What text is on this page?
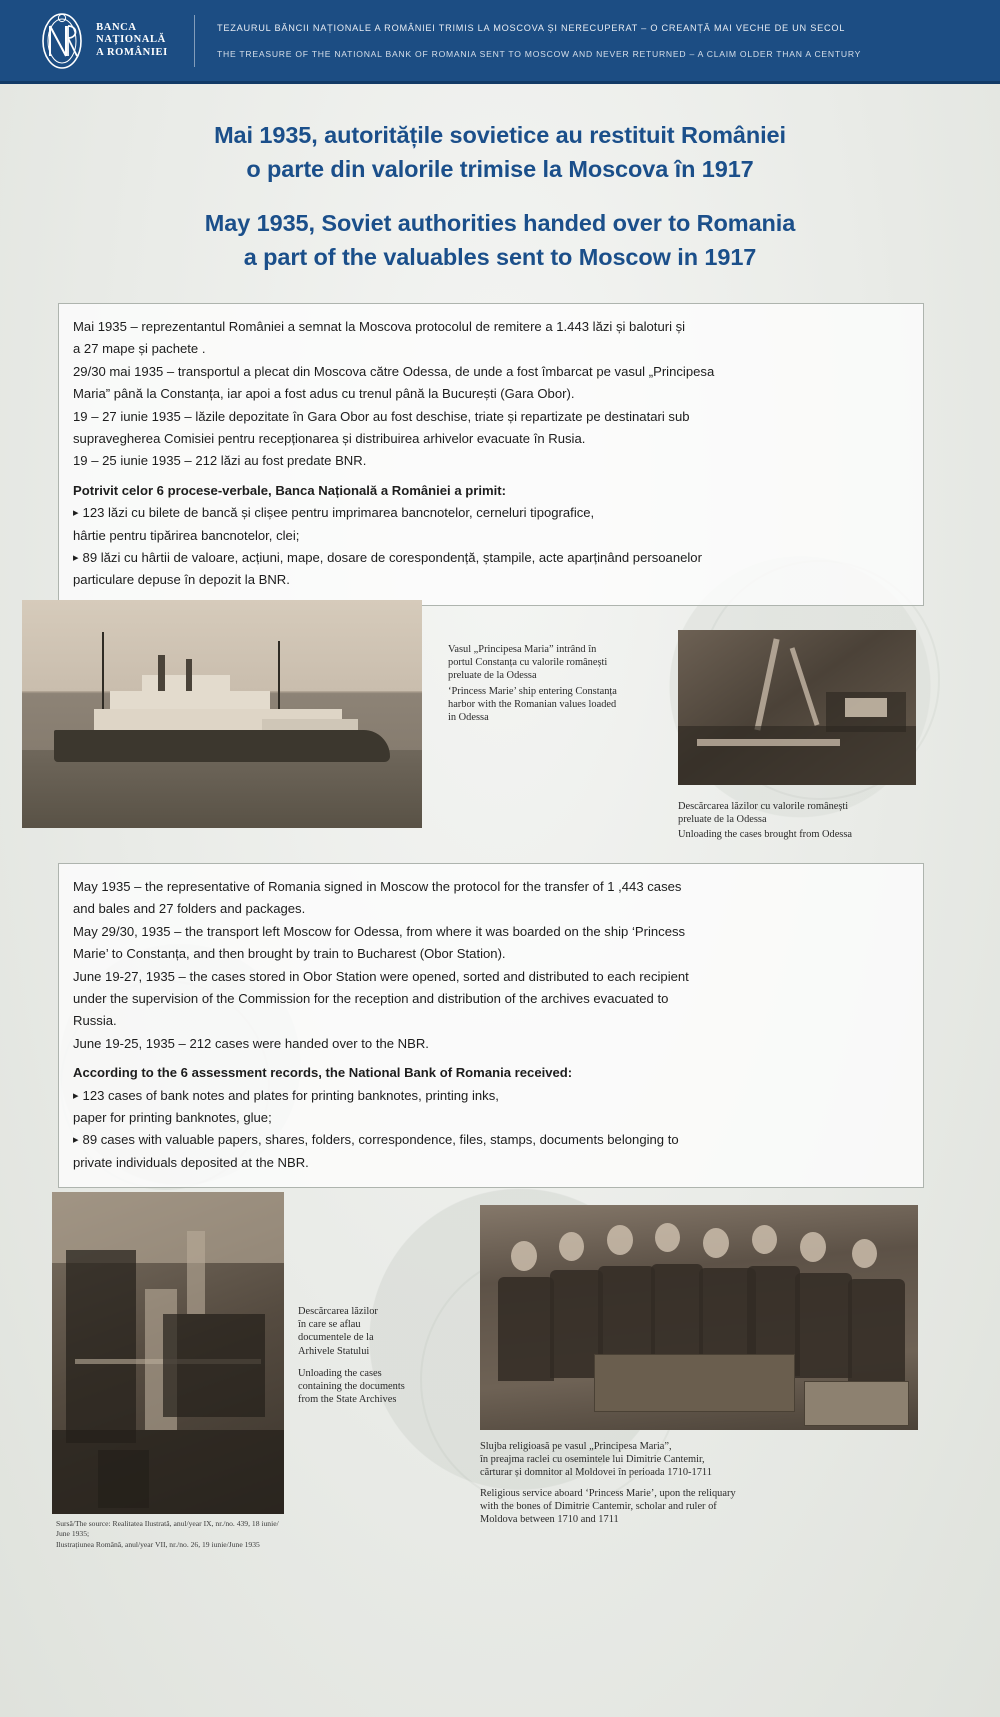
BANCA
NAȚIONALĂ
A ROMÂNIEI
TEZAURUL BĂNCII NAȚIONALE A ROMÂNIEI TRIMIS LA MOSCOVA ȘI NERECUPERAT – O CREANȚĂ MAI VECHE DE UN SECOL
THE TREASURE OF THE NATIONAL BANK OF ROMANIA SENT TO MOSCOW AND NEVER RETURNED – A CLAIM OLDER THAN A CENTURY
Mai 1935, autoritățile sovietice au restituit României
o parte din valorile trimise la Moscova în 1917
May 1935, Soviet authorities handed over to Romania
a part of the valuables sent to Moscow in 1917
Mai 1935 – reprezentantul României a semnat la Moscova protocolul de remitere a 1.443 lăzi și baloturi și
a 27 mape și pachete .
29/30 mai 1935 – transportul a plecat din Moscova către Odessa, de unde a fost îmbarcat pe vasul „Principesa
Maria” până la Constanța, iar apoi a fost adus cu trenul până la București (Gara Obor).
19 – 27 iunie 1935 – lăzile depozitate în Gara Obor au fost deschise, triate și repartizate pe destinatari sub
supravegherea Comisiei pentru recepționarea și distribuirea arhivelor evacuate în Rusia.
19 – 25 iunie 1935 – 212 lăzi au fost predate BNR.
Potrivit celor 6 procese-verbale, Banca Națională a României a primit:
▸ 123 lăzi cu bilete de bancă și clișee pentru imprimarea bancnotelor, cerneluri tipografice,
hârtie pentru tipărirea bancnotelor, clei;
▸ 89 lăzi cu hârtii de valoare, acțiuni, mape, dosare de corespondență, ștampile, acte aparținând persoanelor
particulare depuse în depozit la BNR.

Vasul „Principesa Maria” intrând în

portul Constanța cu valorile românești

preluate de la Odessa

‘Princess Marie’ ship entering Constanța

harbor with the Romanian values loaded

in Odessa

Descărcarea lăzilor cu valorile românești

preluate de la Odessa

Unloading the cases brought from Odessa

May 1935 – the representative of Romania signed in Moscow the protocol for the transfer of 1 ,443 cases
and bales and 27 folders and packages.
May 29/30, 1935 – the transport left Moscow for Odessa, from where it was boarded on the ship ‘Princess
Marie’ to Constanța, and then brought by train to Bucharest (Obor Station).
June 19-27, 1935 – the cases stored in Obor Station were opened, sorted and distributed to each recipient
under the supervision of the Commission for the reception and distribution of the archives evacuated to
Russia.
June 19-25, 1935 – 212 cases were handed over to the NBR.
According to the 6 assessment records, the National Bank of Romania received:
▸ 123 cases of bank notes and plates for printing banknotes, printing inks,
paper for printing banknotes, glue;
▸ 89 cases with valuable papers, shares, folders, correspondence, files, stamps, documents belonging to
private individuals deposited at the NBR.

Descărcarea lăzilor

în care se aflau

documentele de la

Arhivele Statului

Unloading the cases

containing the documents

from the State Archives

Slujba religioasă pe vasul „Principesa Maria”,

în preajma raclei cu osemintele lui Dimitrie Cantemir,

cărturar și domnitor al Moldovei în perioada 1710-1711

Religious service aboard ‘Princess Marie’, upon the reliquary

with the bones of Dimitrie Cantemir, scholar and ruler of

Moldova between 1710 and 1711

Sursă/The source: Realitatea Ilustrată, anul/year IX, nr./no. 439, 18 iunie/

June 1935;

Ilustrațiunea Română, anul/year VII, nr./no. 26, 19 iunie/June 1935
